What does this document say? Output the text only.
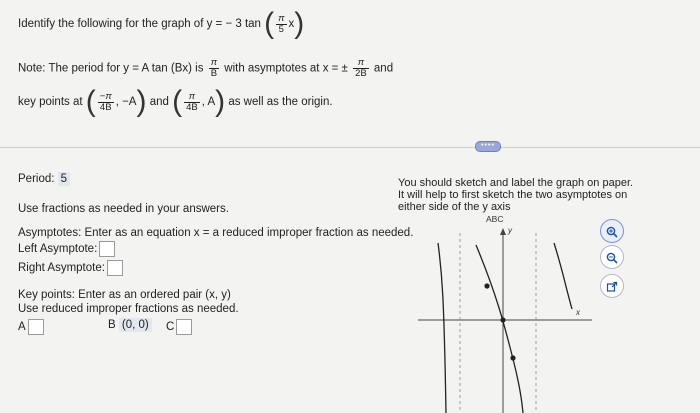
Identify the following for the graph of y = − 3 tan ( $\frac{\pi}{5} x$)
Note: The period for y = A tan (Bx) is $\frac{\pi}{B}$ with asymptotes at x = ± $\frac{\pi}{2B}$ and
key points at ( $\frac{-\pi}{4B}$ , −A) and ( $\frac{\pi}{4B}$ , A) as well as the origin.
••••
Period: 5
Use fractions as needed in your answers.
Asymptotes: Enter as an equation x = a reduced improper fraction as needed.
Left Asymptote:
Right Asymptote:
Key points: Enter as an ordered pair (x, y)
Use reduced improper fractions as needed.
A	B (0, 0) C
You should sketch and label the graph on paper.
It will help to first sketch the two asymptotes on
either side of the y axis
ABC
y
x
